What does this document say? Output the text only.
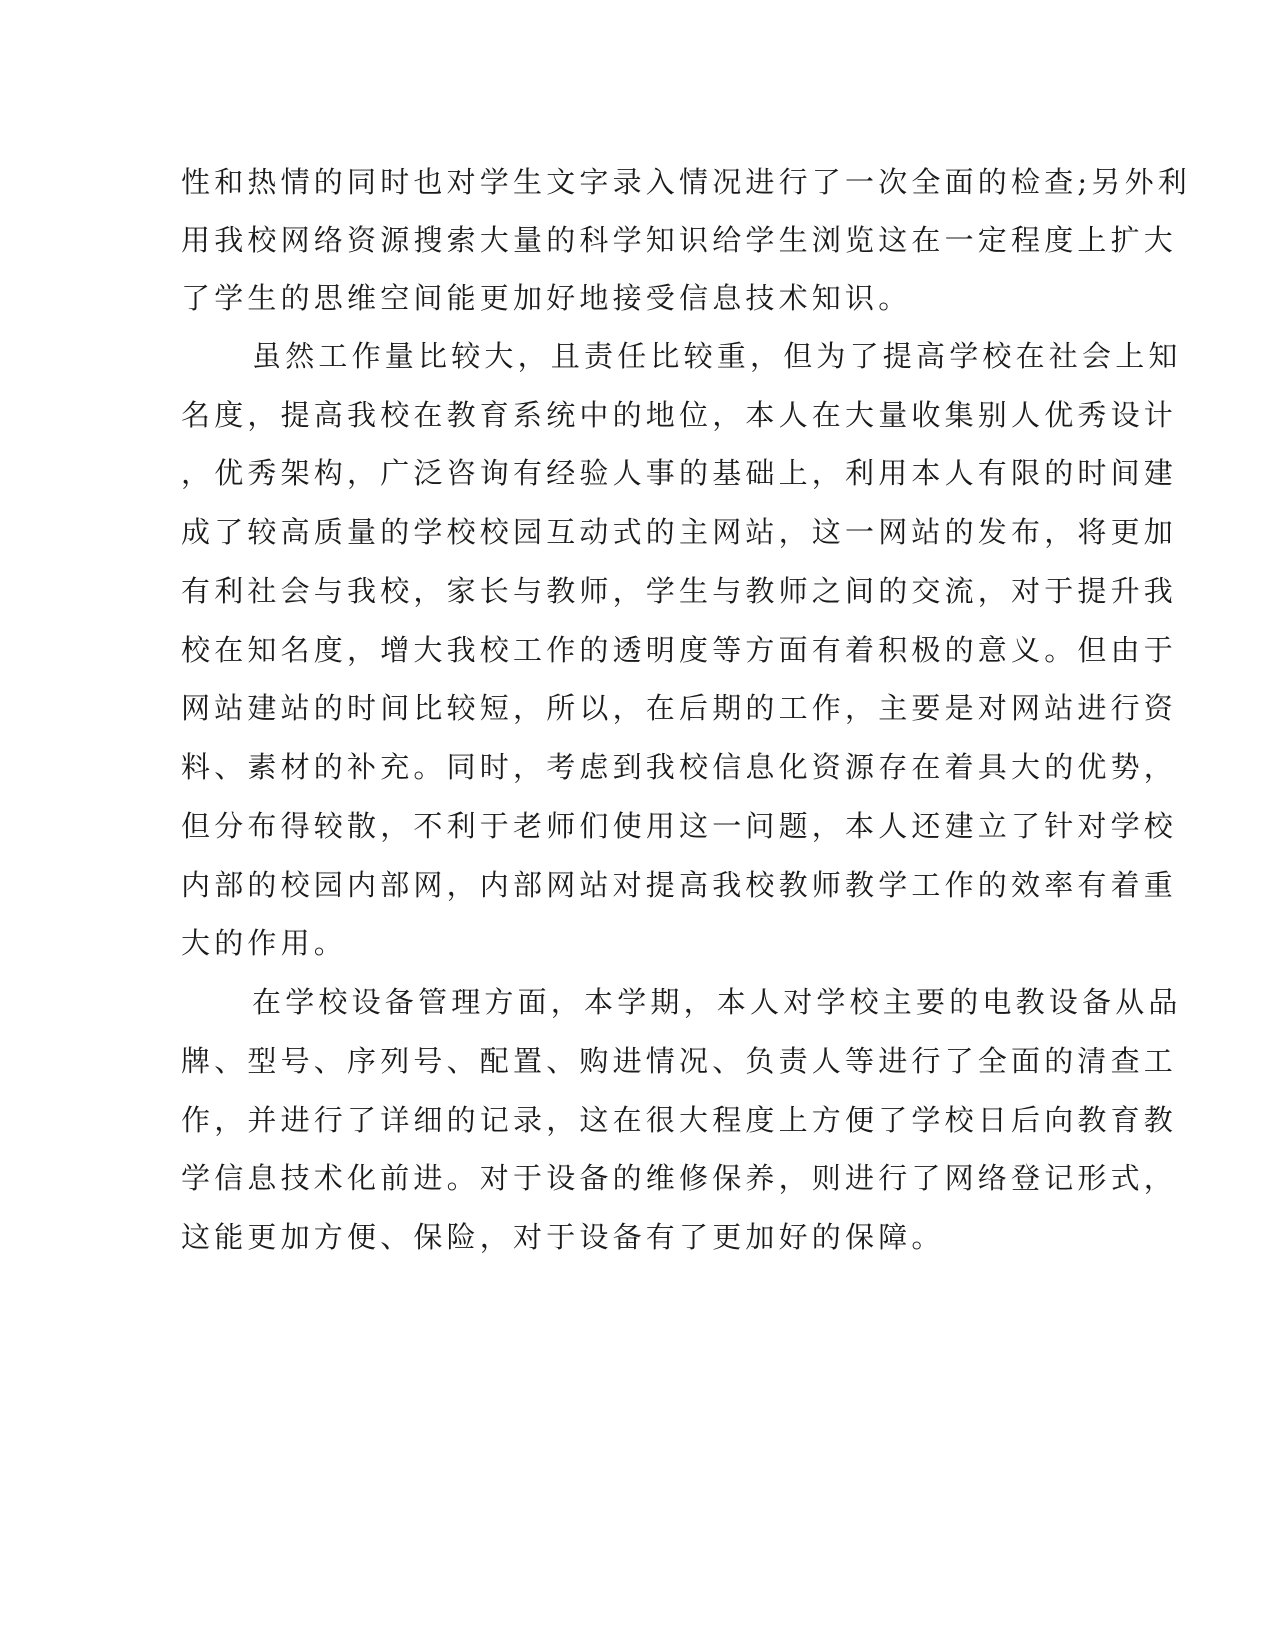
性和热情的同时也对学生文字录入情况进行了一次全面的检查;另外利
用我校网络资源搜索大量的科学知识给学生浏览这在一定程度上扩大
了学生的思维空间能更加好地接受信息技术知识。
虽然工作量比较大，且责任比较重，但为了提高学校在社会上知
名度，提高我校在教育系统中的地位，本人在大量收集别人优秀设计
，优秀架构，广泛咨询有经验人事的基础上，利用本人有限的时间建
成了较高质量的学校校园互动式的主网站，这一网站的发布，将更加
有利社会与我校，家长与教师，学生与教师之间的交流，对于提升我
校在知名度，增大我校工作的透明度等方面有着积极的意义。但由于
网站建站的时间比较短，所以，在后期的工作，主要是对网站进行资
料、素材的补充。同时，考虑到我校信息化资源存在着具大的优势，
但分布得较散，不利于老师们使用这一问题，本人还建立了针对学校
内部的校园内部网，内部网站对提高我校教师教学工作的效率有着重
大的作用。
在学校设备管理方面，本学期，本人对学校主要的电教设备从品
牌、型号、序列号、配置、购进情况、负责人等进行了全面的清查工
作，并进行了详细的记录，这在很大程度上方便了学校日后向教育教
学信息技术化前进。对于设备的维修保养，则进行了网络登记形式，
这能更加方便、保险，对于设备有了更加好的保障。
